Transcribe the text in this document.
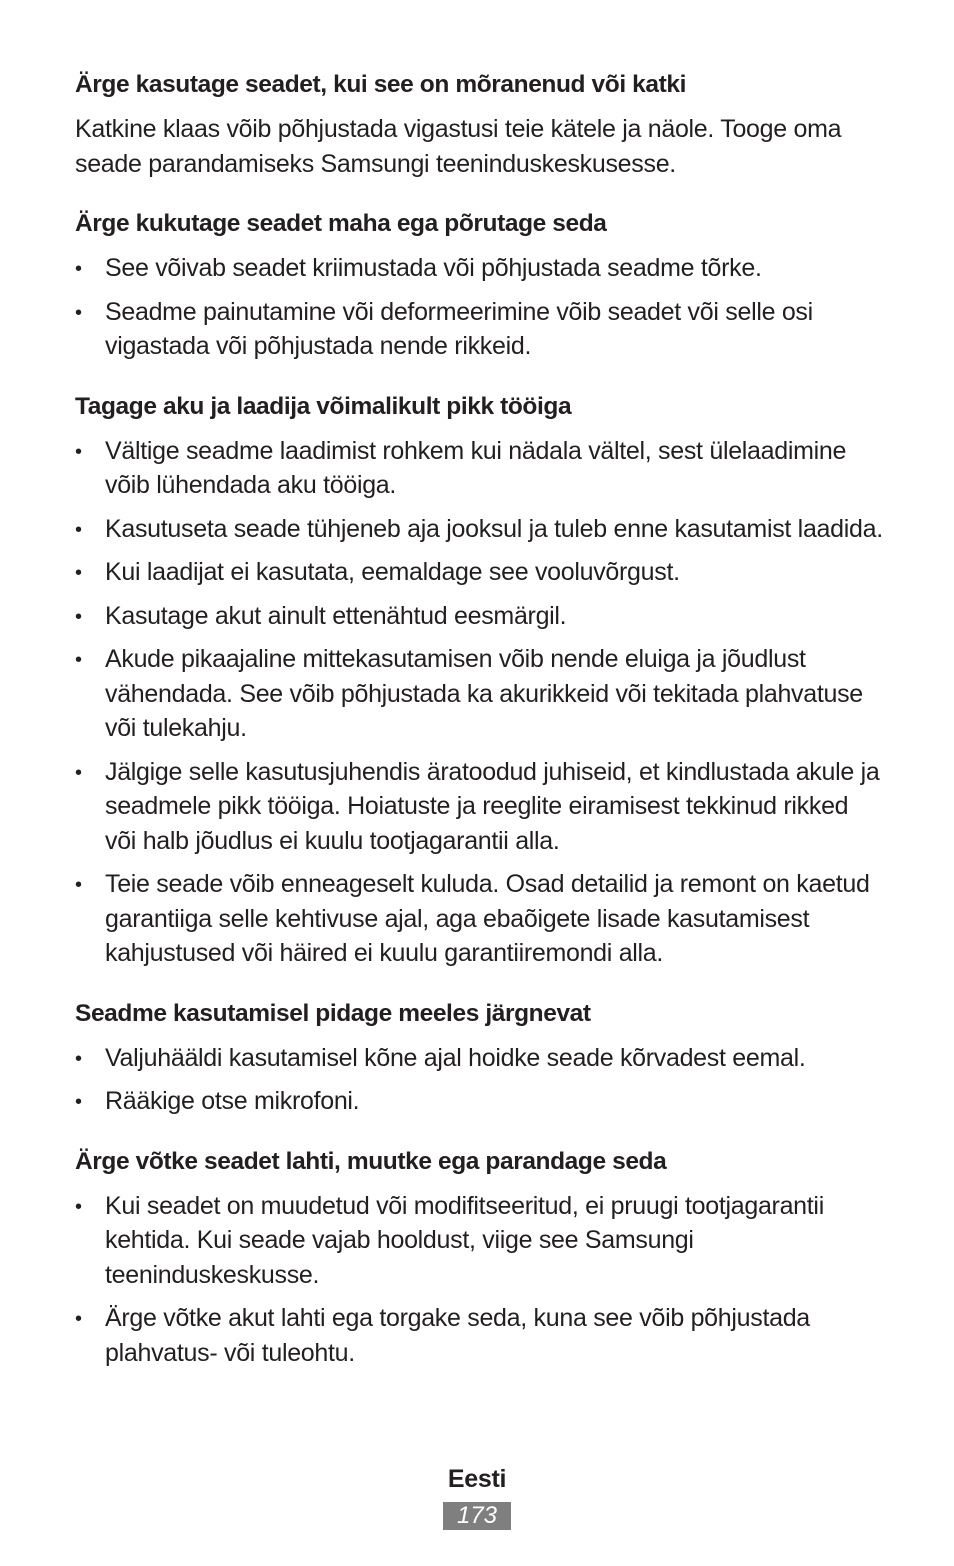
Ärge kasutage seadet, kui see on mõranenud või katki

Katkine klaas võib põhjustada vigastusi teie kätele ja näole. Tooge oma seade parandamiseks Samsungi teeninduskeskusesse.

Ärge kukutage seadet maha ega põrutage seda
• See võivab seadet kriimustada või põhjustada seadme tõrke.
• Seadme painutamine või deformeerimine võib seadet või selle osi vigastada või põhjustada nende rikkeid.
Tagage aku ja laadija võimalikult pikk tööiga
• Vältige seadme laadimist rohkem kui nädala vältel, sest ülelaadimine võib lühendada aku tööiga.
• Kasutuseta seade tühjeneb aja jooksul ja tuleb enne kasutamist laadida.
• Kui laadijat ei kasutata, eemaldage see vooluvõrgust.
• Kasutage akut ainult ettenähtud eesmärgil.
• Akude pikaajaline mittekasutamisen võib nende eluiga ja jõudlust vähendada. See võib põhjustada ka akurikkeid või tekitada plahvatuse või tulekahju.
• Jälgige selle kasutusjuhendis äratoodud juhiseid, et kindlustada akule ja seadmele pikk tööiga. Hoiatuste ja reeglite eiramisest tekkinud rikked või halb jõudlus ei kuulu tootjagarantii alla.
• Teie seade võib enneageselt kuluda. Osad detailid ja remont on kaetud garantiiga selle kehtivuse ajal, aga ebaõigete lisade kasutamisest kahjustused või häired ei kuulu garantiiremondi alla.
Seadme kasutamisel pidage meeles järgnevat
• Valjuhääldi kasutamisel kõne ajal hoidke seade kõrvadest eemal.
• Rääkige otse mikrofoni.
Ärge võtke seadet lahti, muutke ega parandage seda
• Kui seadet on muudetud või modifitseeritud, ei pruugi tootjagarantii kehtida. Kui seade vajab hooldust, viige see Samsungi teeninduskeskusse.
• Ärge võtke akut lahti ega torgake seda, kuna see võib põhjustada plahvatus- või tuleohtu.
Eesti
173
